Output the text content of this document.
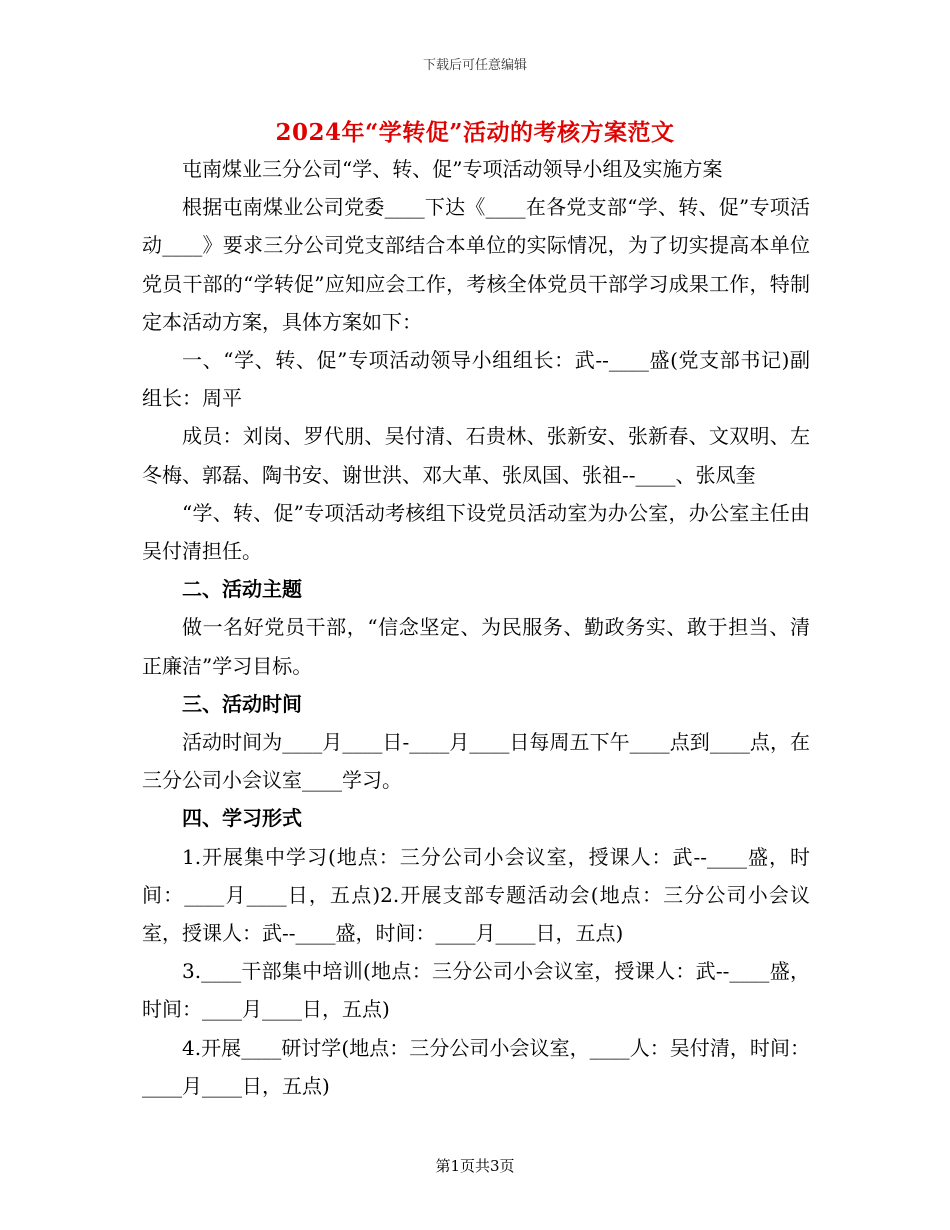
下载后可任意编辑
2024年“学转促”活动的考核方案范文

屯南煤业三分公司“学、转、促”专项活动领导小组及实施方案

根据屯南煤业公司党委____下达《____在各党支部“学、转、促”专项活动____》要求三分公司党支部结合本单位的实际情况，为了切实提高本单位党员干部的“学转促”应知应会工作，考核全体党员干部学习成果工作，特制定本活动方案，具体方案如下：

一、“学、转、促”专项活动领导小组组长：武--____盛(党支部书记)副组长：周平

成员：刘岗、罗代朋、吴付清、石贵林、张新安、张新春、文双明、左冬梅、郭磊、陶书安、谢世洪、邓大革、张凤国、张祖--____、张凤奎

“学、转、促”专项活动考核组下设党员活动室为办公室，办公室主任由吴付清担任。

二、活动主题

做一名好党员干部，“信念坚定、为民服务、勤政务实、敢于担当、清正廉洁”学习目标。

三、活动时间

活动时间为____月____日-____月____日每周五下午____点到____点，在三分公司小会议室____学习。

四、学习形式

1.开展集中学习(地点：三分公司小会议室，授课人：武--____盛，时间：____月____日，五点)2.开展支部专题活动会(地点：三分公司小会议室，授课人：武--____盛，时间：____月____日，五点)

3.____干部集中培训(地点：三分公司小会议室，授课人：武--____盛，时间：____月____日，五点)

4.开展____研讨学(地点：三分公司小会议室，____人：吴付清，时间：____月____日，五点)

第1页共3页
